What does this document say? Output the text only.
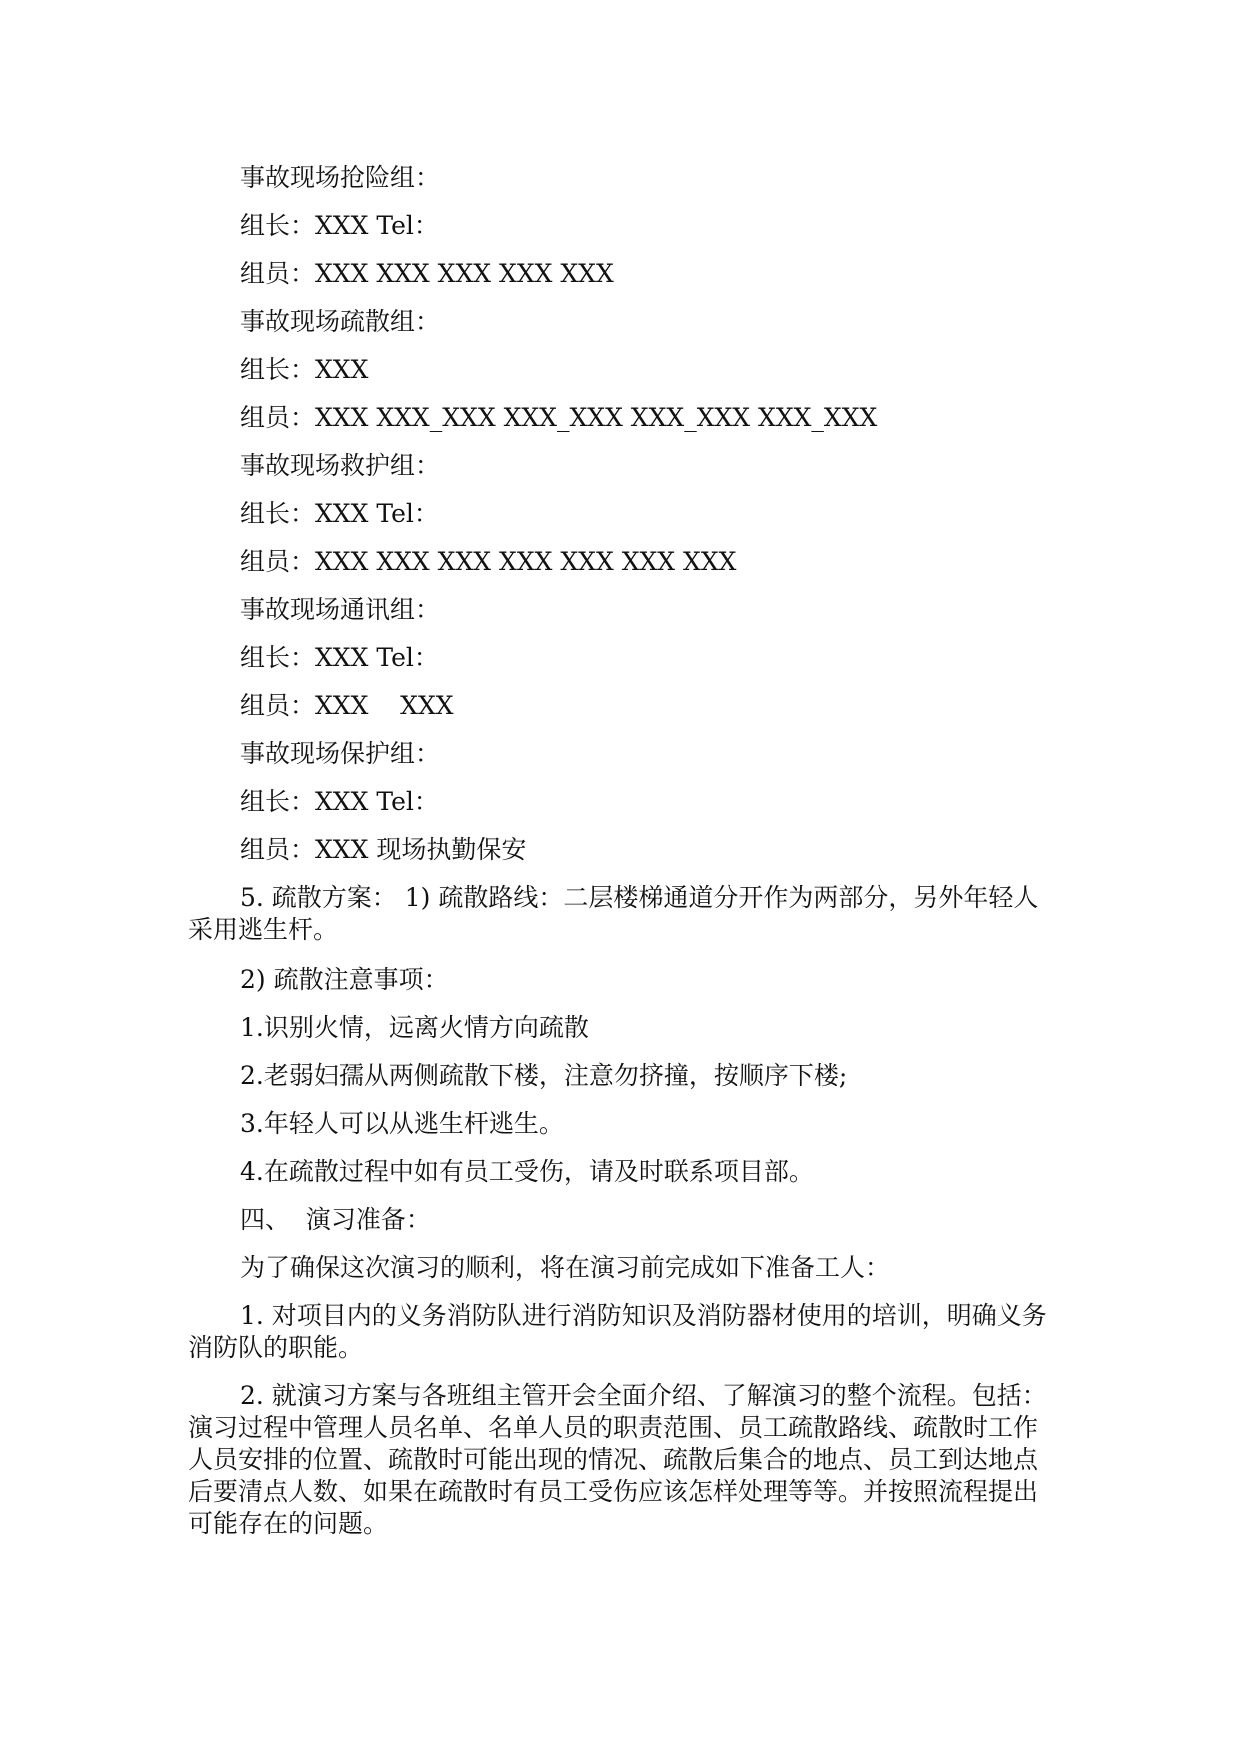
事故现场抢险组：
组长：XXX Tel：
组员：XXX XXX XXX XXX XXX
事故现场疏散组：
组长：XXX
组员：XXX XXX_XXX XXX_XXX XXX_XXX XXX_XXX
事故现场救护组：
组长：XXX Tel：
组员：XXX XXX XXX XXX XXX XXX XXX
事故现场通讯组：
组长：XXX Tel：
组员：XXX    XXX
事故现场保护组：
组长：XXX Tel：
组员：XXX 现场执勤保安
5. 疏散方案： 1) 疏散路线：二层楼梯通道分开作为两部分，另外年轻人采用逃生杆。
2) 疏散注意事项：
1.识别火情，远离火情方向疏散
2.老弱妇孺从两侧疏散下楼，注意勿挤撞，按顺序下楼;
3.年轻人可以从逃生杆逃生。
4.在疏散过程中如有员工受伤，请及时联系项目部。
四、  演习准备：
为了确保这次演习的顺利，将在演习前完成如下准备工人：
1. 对项目内的义务消防队进行消防知识及消防器材使用的培训，明确义务消防队的职能。
2. 就演习方案与各班组主管开会全面介绍、了解演习的整个流程。包括：演习过程中管理人员名单、名单人员的职责范围、员工疏散路线、疏散时工作人员安排的位置、疏散时可能出现的情况、疏散后集合的地点、员工到达地点后要清点人数、如果在疏散时有员工受伤应该怎样处理等等。并按照流程提出可能存在的问题。
